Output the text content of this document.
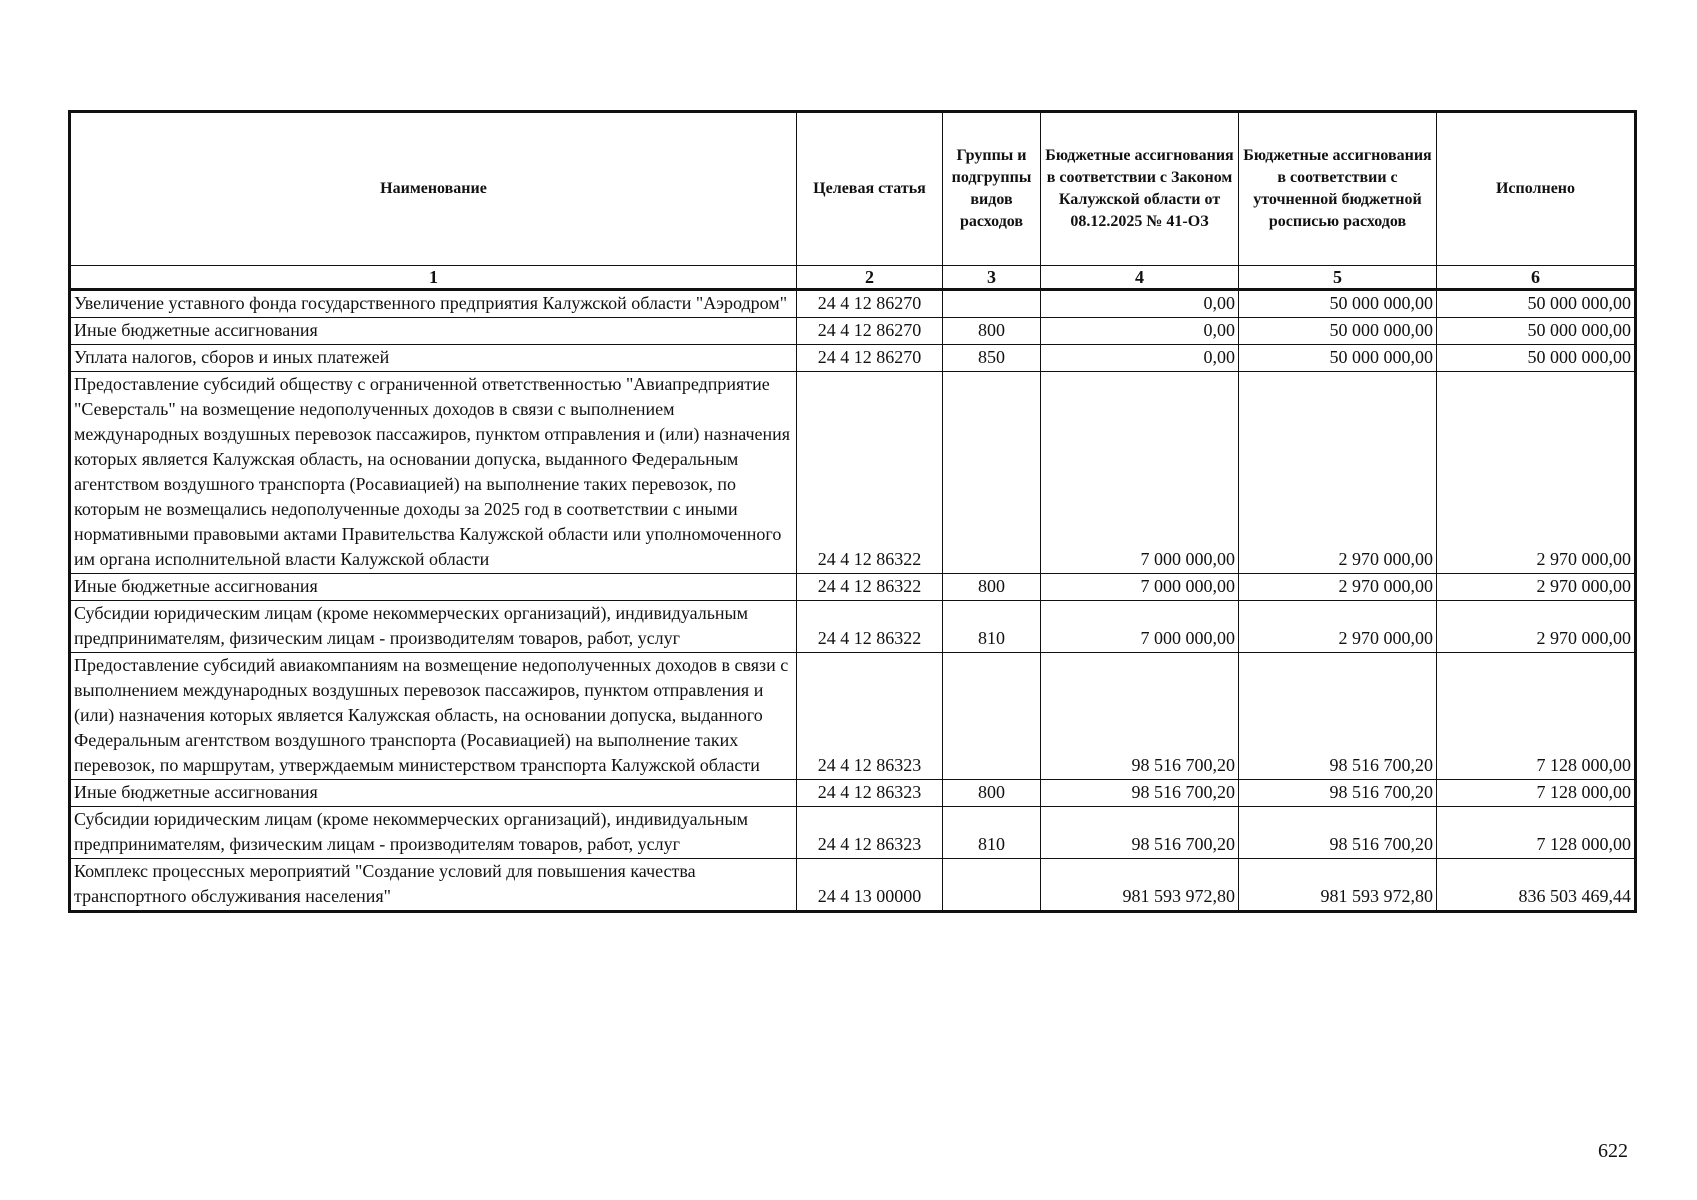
Наименование	Целевая статья	Группы и подгруппы видов расходов	Бюджетные ассигнования в соответствии с Законом Калужской области от 08.12.2025 № 41-ОЗ	Бюджетные ассигнования в соответствии с уточненной бюджетной росписью расходов	Исполнено
1	2	3	4	5	6
Увеличение уставного фонда государственного предприятия Калужской области "Аэродром"	24 4 12 86270		0,00	50 000 000,00	50 000 000,00
Иные бюджетные ассигнования	24 4 12 86270	800	0,00	50 000 000,00	50 000 000,00
Уплата налогов, сборов и иных платежей	24 4 12 86270	850	0,00	50 000 000,00	50 000 000,00
Предоставление субсидий обществу с ограниченной ответственностью "Авиапредприятие "Северсталь" на возмещение недополученных доходов в связи с выполнением международных воздушных перевозок пассажиров, пунктом отправления и (или) назначения которых является Калужская область, на основании допуска, выданного Федеральным агентством воздушного транспорта (Росавиацией) на выполнение таких перевозок, по которым не возмещались недополученные доходы за 2025 год в соответствии с иными нормативными правовыми актами Правительства Калужской области или уполномоченного им органа исполнительной власти Калужской области	24 4 12 86322		7 000 000,00	2 970 000,00	2 970 000,00
Иные бюджетные ассигнования	24 4 12 86322	800	7 000 000,00	2 970 000,00	2 970 000,00
Субсидии юридическим лицам (кроме некоммерческих организаций), индивидуальным предпринимателям, физическим лицам - производителям товаров, работ, услуг	24 4 12 86322	810	7 000 000,00	2 970 000,00	2 970 000,00
Предоставление субсидий авиакомпаниям на возмещение недополученных доходов в связи с выполнением международных воздушных перевозок пассажиров, пунктом отправления и (или) назначения которых является Калужская область, на основании допуска, выданного Федеральным агентством воздушного транспорта (Росавиацией) на выполнение таких перевозок, по маршрутам, утверждаемым министерством транспорта Калужской области	24 4 12 86323		98 516 700,20	98 516 700,20	7 128 000,00
Иные бюджетные ассигнования	24 4 12 86323	800	98 516 700,20	98 516 700,20	7 128 000,00
Субсидии юридическим лицам (кроме некоммерческих организаций), индивидуальным предпринимателям, физическим лицам - производителям товаров, работ, услуг	24 4 12 86323	810	98 516 700,20	98 516 700,20	7 128 000,00
Комплекс процессных мероприятий "Создание условий для повышения качества транспортного обслуживания населения"	24 4 13 00000		981 593 972,80	981 593 972,80	836 503 469,44
622
